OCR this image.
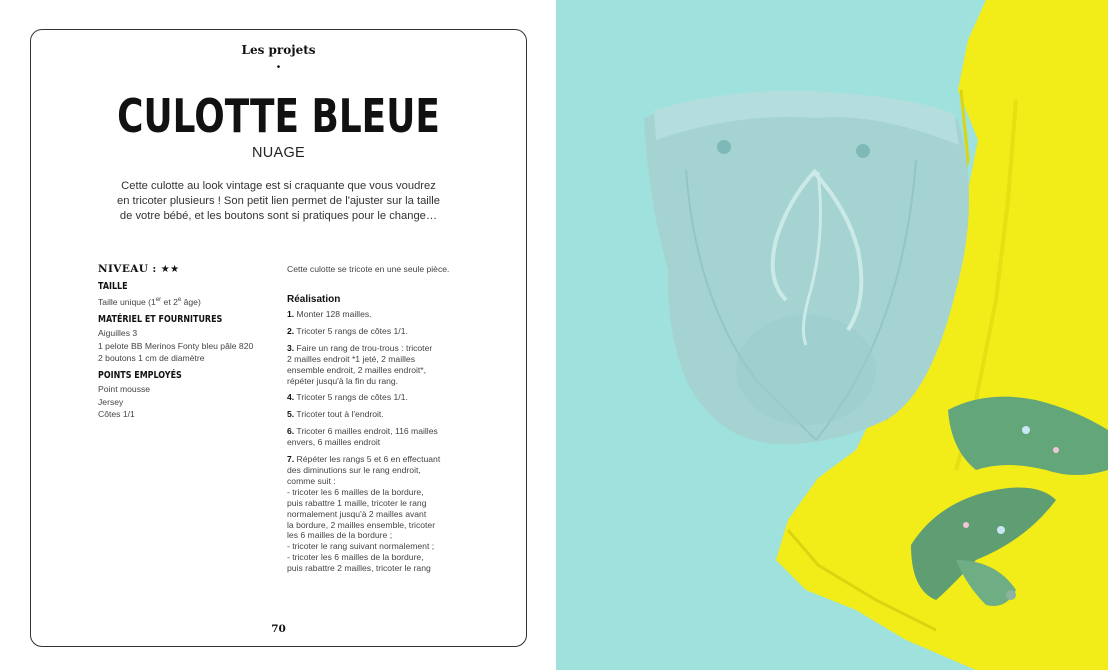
Les projets
•
CULOTTE BLEUE
NUAGE
Cette culotte au look vintage est si craquante que vous voudrez
en tricoter plusieurs ! Son petit lien permet de l'ajuster sur la taille
de votre bébé, et les boutons sont si pratiques pour le change…
NIVEAU : ★★
TAILLE
Taille unique (1er et 2e âge)
MATÉRIEL ET FOURNITURES
Aiguilles 3
1 pelote BB Merinos Fonty bleu pâle 820
2 boutons 1 cm de diamètre
POINTS EMPLOYÉS
Point mousse
Jersey
Côtes 1/1
Cette culotte se tricote en une seule pièce.
Réalisation
1. Monter 128 mailles.
2. Tricoter 5 rangs de côtes 1/1.
3. Faire un rang de trou-trous : tricoter
2 mailles endroit *1 jeté, 2 mailles
ensemble endroit, 2 mailles endroit*,
répéter jusqu'à la fin du rang.
4. Tricoter 5 rangs de côtes 1/1.
5. Tricoter tout à l'endroit.
6. Tricoter 6 mailles endroit, 116 mailles
envers, 6 mailles endroit
7. Répéter les rangs 5 et 6 en effectuant
des diminutions sur le rang endroit,
comme suit :
- tricoter les 6 mailles de la bordure,
puis rabattre 1 maille, tricoter le rang
normalement jusqu'à 2 mailles avant
la bordure, 2 mailles ensemble, tricoter
les 6 mailles de la bordure ;
- tricoter le rang suivant normalement ;
- tricoter les 6 mailles de la bordure,
puis rabattre 2 mailles, tricoter le rang
70
